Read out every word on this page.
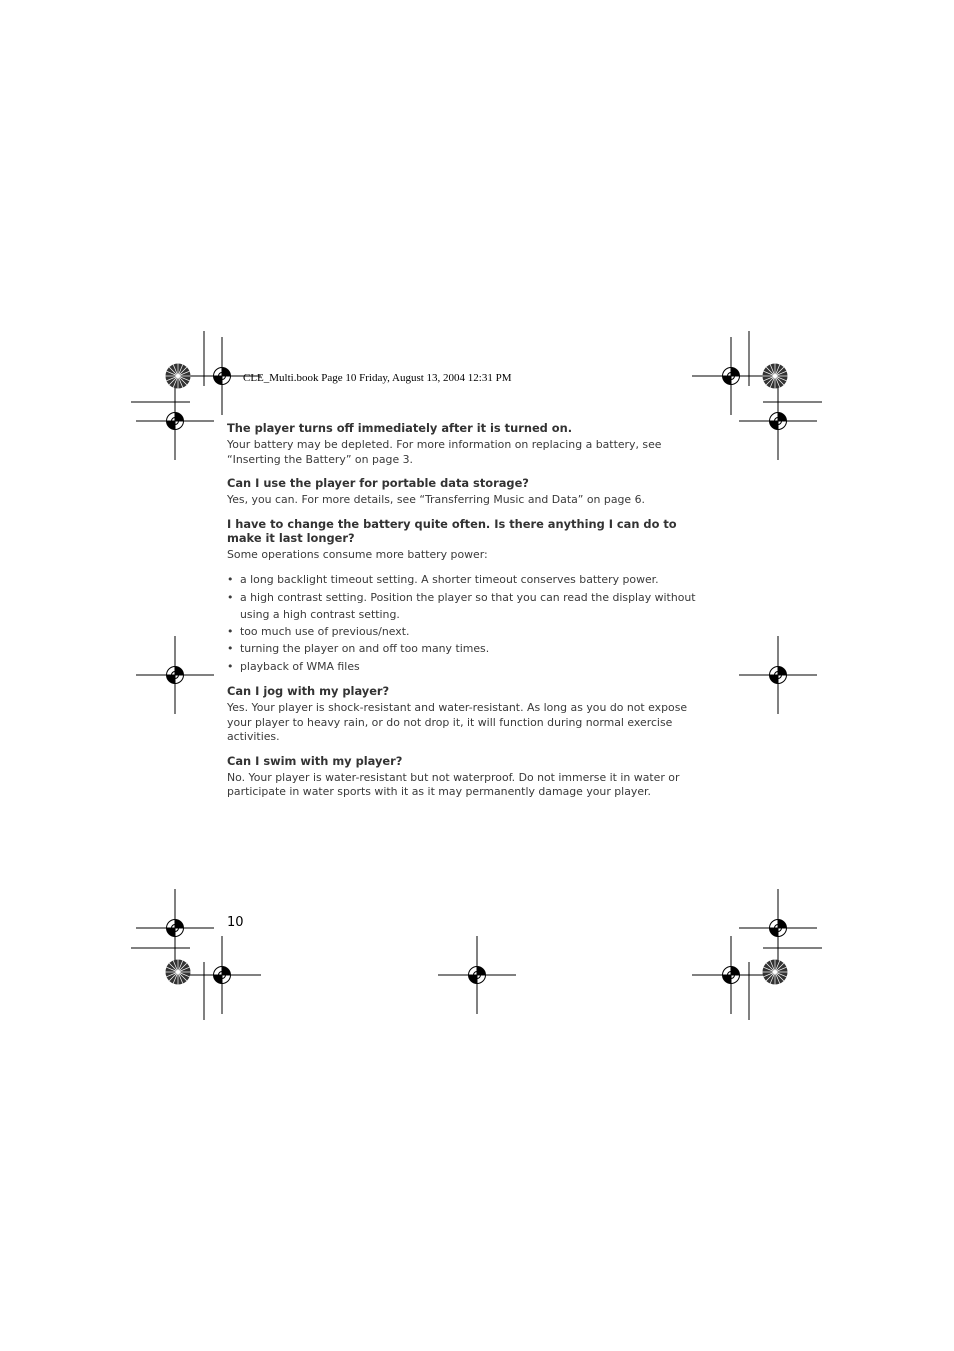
CLE_Multi.book Page 10 Friday, August 13, 2004 12:31 PM

The player turns off immediately after it is turned on.

Your battery may be depleted. For more information on replacing a battery, see “Inserting the Battery” on page 3.

Can I use the player for portable data storage?

Yes, you can. For more details, see “Transferring Music and Data” on page 6.

I have to change the battery quite often. Is there anything I can do to make it last longer?

Some operations consume more battery power:

• a long backlight timeout setting. A shorter timeout conserves battery power.
• a high contrast setting. Position the player so that you can read the display without using a high contrast setting.
• too much use of previous/next.
• turning the player on and off too many times.
• playback of WMA files

Can I jog with my player?

Yes. Your player is shock-resistant and water-resistant. As long as you do not expose your player to heavy rain, or do not drop it, it will function during normal exercise activities.

Can I swim with my player?

No. Your player is water-resistant but not waterproof. Do not immerse it in water or participate in water sports with it as it may permanently damage your player.

10
